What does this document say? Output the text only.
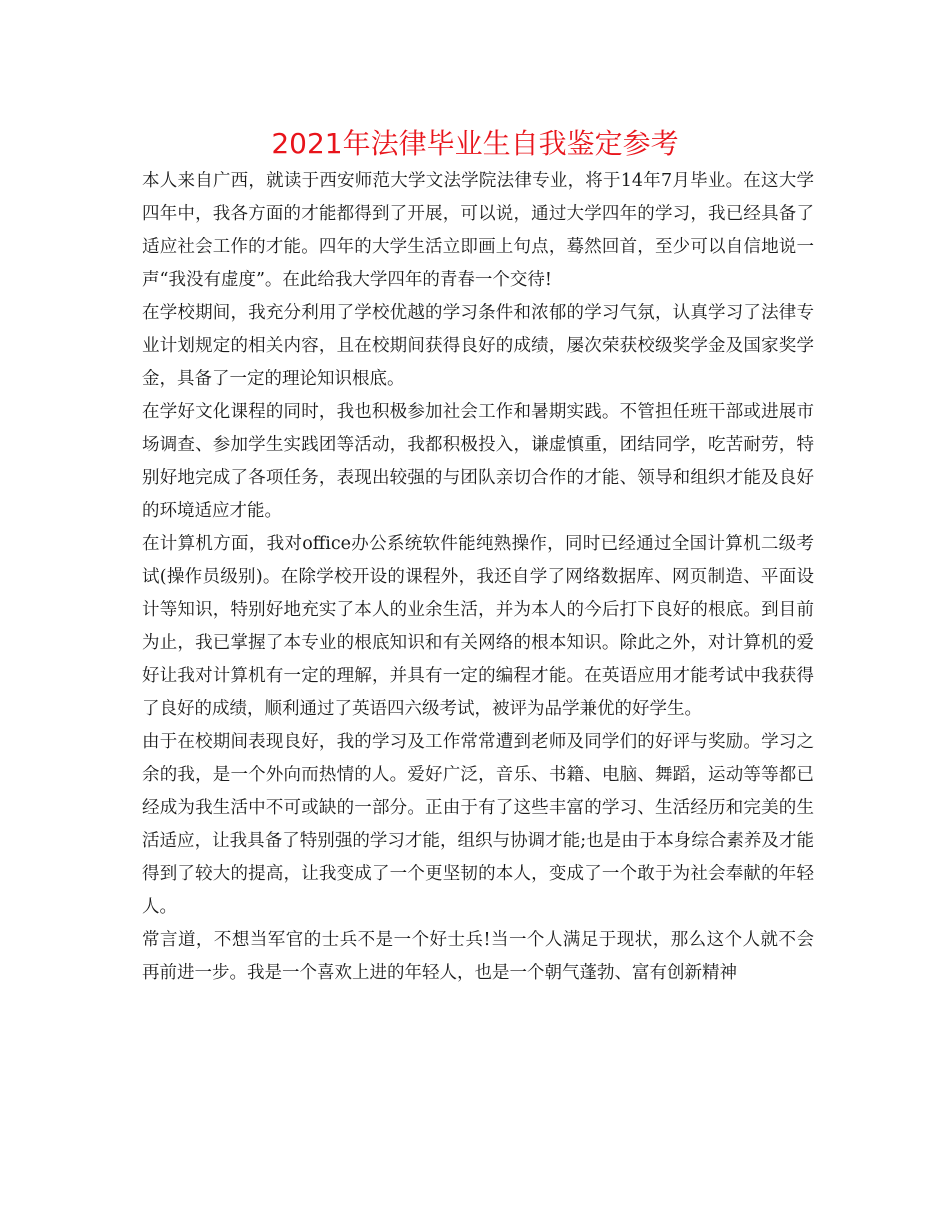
2021年法律毕业生自我鉴定参考

本人来自广西，就读于西安师范大学文法学院法律专业，将于14年7月毕业。在这大学四年中，我各方面的才能都得到了开展，可以说，通过大学四年的学习，我已经具备了适应社会工作的才能。四年的大学生活立即画上句点，蓦然回首，至少可以自信地说一声“我没有虚度”。在此给我大学四年的青春一个交待!

在学校期间，我充分利用了学校优越的学习条件和浓郁的学习气氛，认真学习了法律专业计划规定的相关内容，且在校期间获得良好的成绩，屡次荣获校级奖学金及国家奖学金，具备了一定的理论知识根底。

在学好文化课程的同时，我也积极参加社会工作和暑期实践。不管担任班干部或进展市场调查、参加学生实践团等活动，我都积极投入，谦虚慎重，团结同学，吃苦耐劳，特别好地完成了各项任务，表现出较强的与团队亲切合作的才能、领导和组织才能及良好的环境适应才能。

在计算机方面，我对office办公系统软件能纯熟操作，同时已经通过全国计算机二级考试(操作员级别)。在除学校开设的课程外，我还自学了网络数据库、网页制造、平面设计等知识，特别好地充实了本人的业余生活，并为本人的今后打下良好的根底。到目前为止，我已掌握了本专业的根底知识和有关网络的根本知识。除此之外，对计算机的爱好让我对计算机有一定的理解，并具有一定的编程才能。在英语应用才能考试中我获得了良好的成绩，顺利通过了英语四六级考试，被评为品学兼优的好学生。

由于在校期间表现良好，我的学习及工作常常遭到老师及同学们的好评与奖励。学习之余的我，是一个外向而热情的人。爱好广泛，音乐、书籍、电脑、舞蹈，运动等等都已经成为我生活中不可或缺的一部分。正由于有了这些丰富的学习、生活经历和完美的生活适应，让我具备了特别强的学习才能，组织与协调才能;也是由于本身综合素养及才能得到了较大的提高，让我变成了一个更坚韧的本人，变成了一个敢于为社会奉献的年轻人。

常言道，不想当军官的士兵不是一个好士兵!当一个人满足于现状，那么这个人就不会再前进一步。我是一个喜欢上进的年轻人，也是一个朝气蓬勃、富有创新精神
